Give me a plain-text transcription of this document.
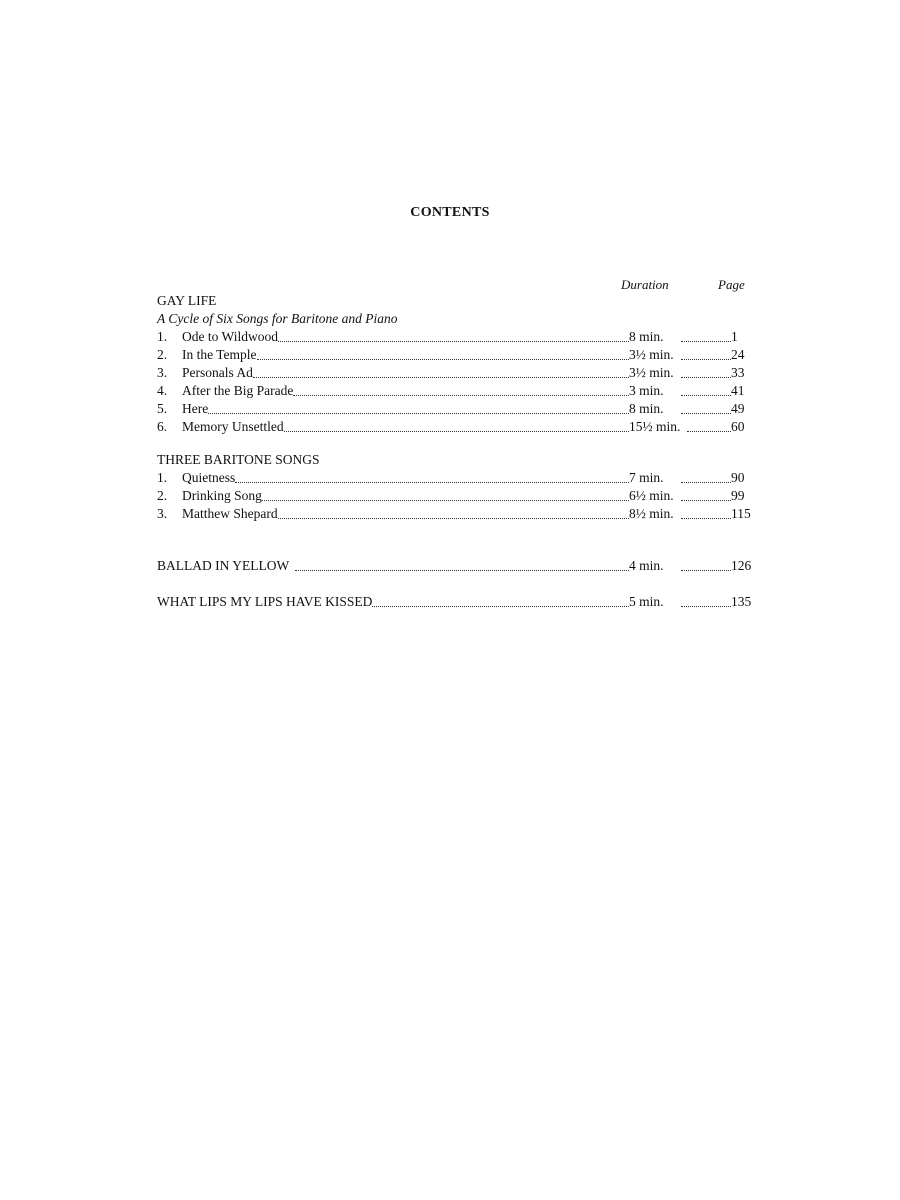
CONTENTS
Duration	Page
GAY LIFE
A Cycle of Six Songs for Baritone and Piano
1.	Ode to Wildwood	8 min.	1
2.	In the Temple	3½ min.	24
3.	Personals Ad	3½ min.	33
4.	After the Big Parade	3 min.	41
5.	Here	8 min.	49
6.	Memory Unsettled	15½ min.	60
THREE BARITONE SONGS
1.	Quietness	7 min.	90
2.	Drinking Song	6½ min.	99
3.	Matthew Shepard	8½ min.	115
BALLAD IN YELLOW	4 min.	126
WHAT LIPS MY LIPS HAVE KISSED	5 min.	135
